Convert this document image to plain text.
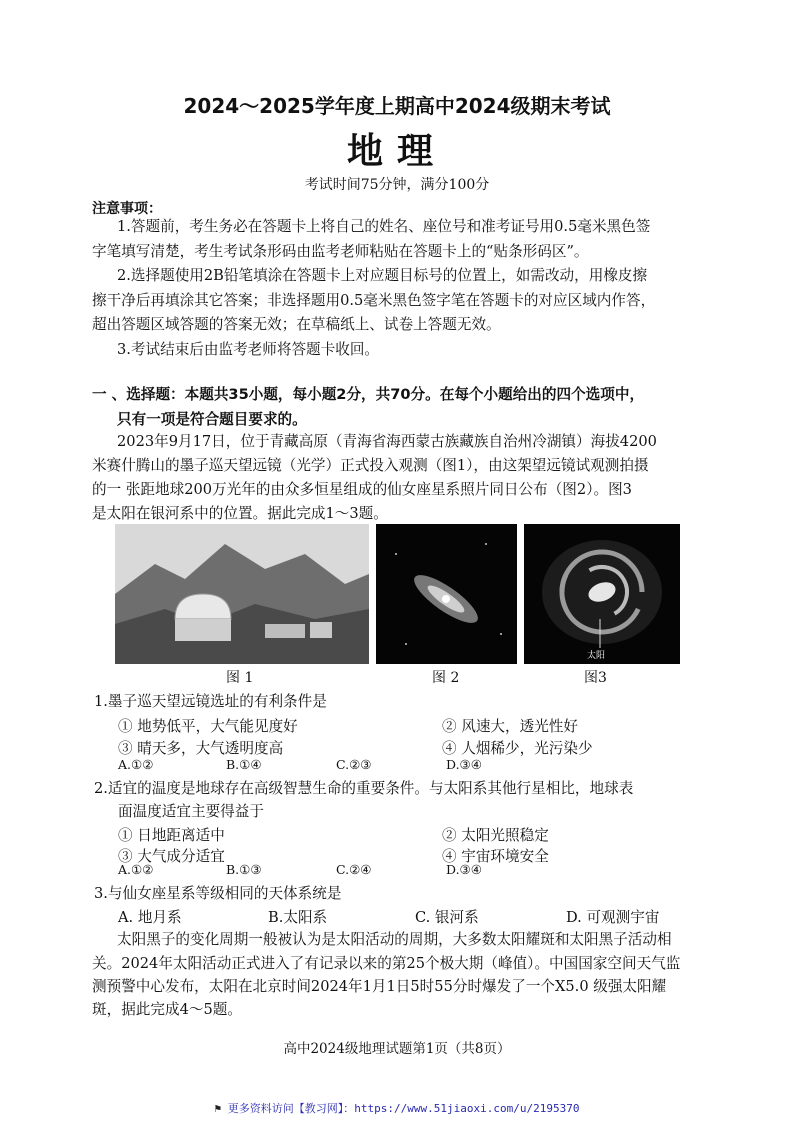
2024～2025学年度上期高中2024级期末考试
地理
考试时间75分钟，满分100分
注意事项：
1.答题前，考生务必在答题卡上将自己的姓名、座位号和准考证号用0.5毫米黑色签
字笔填写清楚，考生考试条形码由监考老师粘贴在答题卡上的“贴条形码区”。
2.选择题使用2B铅笔填涂在答题卡上对应题目标号的位置上，如需改动，用橡皮擦
擦干净后再填涂其它答案；非选择题用0.5毫米黑色签字笔在答题卡的对应区域内作答，
超出答题区域答题的答案无效；在草稿纸上、试卷上答题无效。
3.考试结束后由监考老师将答题卡收回。
一 、选择题：本题共35小题，每小题2分，共70分。在每个小题给出的四个选项中，
只有一项是符合题目要求的。
2023年9月17日，位于青藏高原（青海省海西蒙古族藏族自治州冷湖镇）海拔4200
米赛什腾山的墨子巡天望远镜（光学）正式投入观测（图1），由这架望远镜试观测拍摄
的一 张距地球200万光年的由众多恒星组成的仙女座星系照片同日公布（图2）。图3
是太阳在银河系中的位置。据此完成1～3题。
太阳
图 1	图 2	图3
1.墨子巡天望远镜选址的有利条件是
① 地势低平，大气能见度好	② 风速大，透光性好
③ 晴天多，大气透明度高	④ 人烟稀少，光污染少
A.①②	B.①④	C.②③	D.③④
2.适宜的温度是地球存在高级智慧生命的重要条件。与太阳系其他行星相比，地球表
面温度适宜主要得益于
① 日地距离适中	② 太阳光照稳定
③ 大气成分适宜	④ 宇宙环境安全
A.①②	B.①③	C.②④	D.③④
3.与仙女座星系等级相同的天体系统是
A. 地月系	B.太阳系	C. 银河系	D. 可观测宇宙
太阳黑子的变化周期一般被认为是太阳活动的周期，大多数太阳耀斑和太阳黑子活动相
关。2024年太阳活动正式进入了有记录以来的第25个极大期（峰值）。中国国家空间天气监
测预警中心发布，太阳在北京时间2024年1月1日5时55分时爆发了一个X5.0 级强太阳耀
斑，据此完成4～5题。
高中2024级地理试题第1页（共8页）
⚑ 更多资料访问【教习网】：https://www.51jiaoxi.com/u/2195370
